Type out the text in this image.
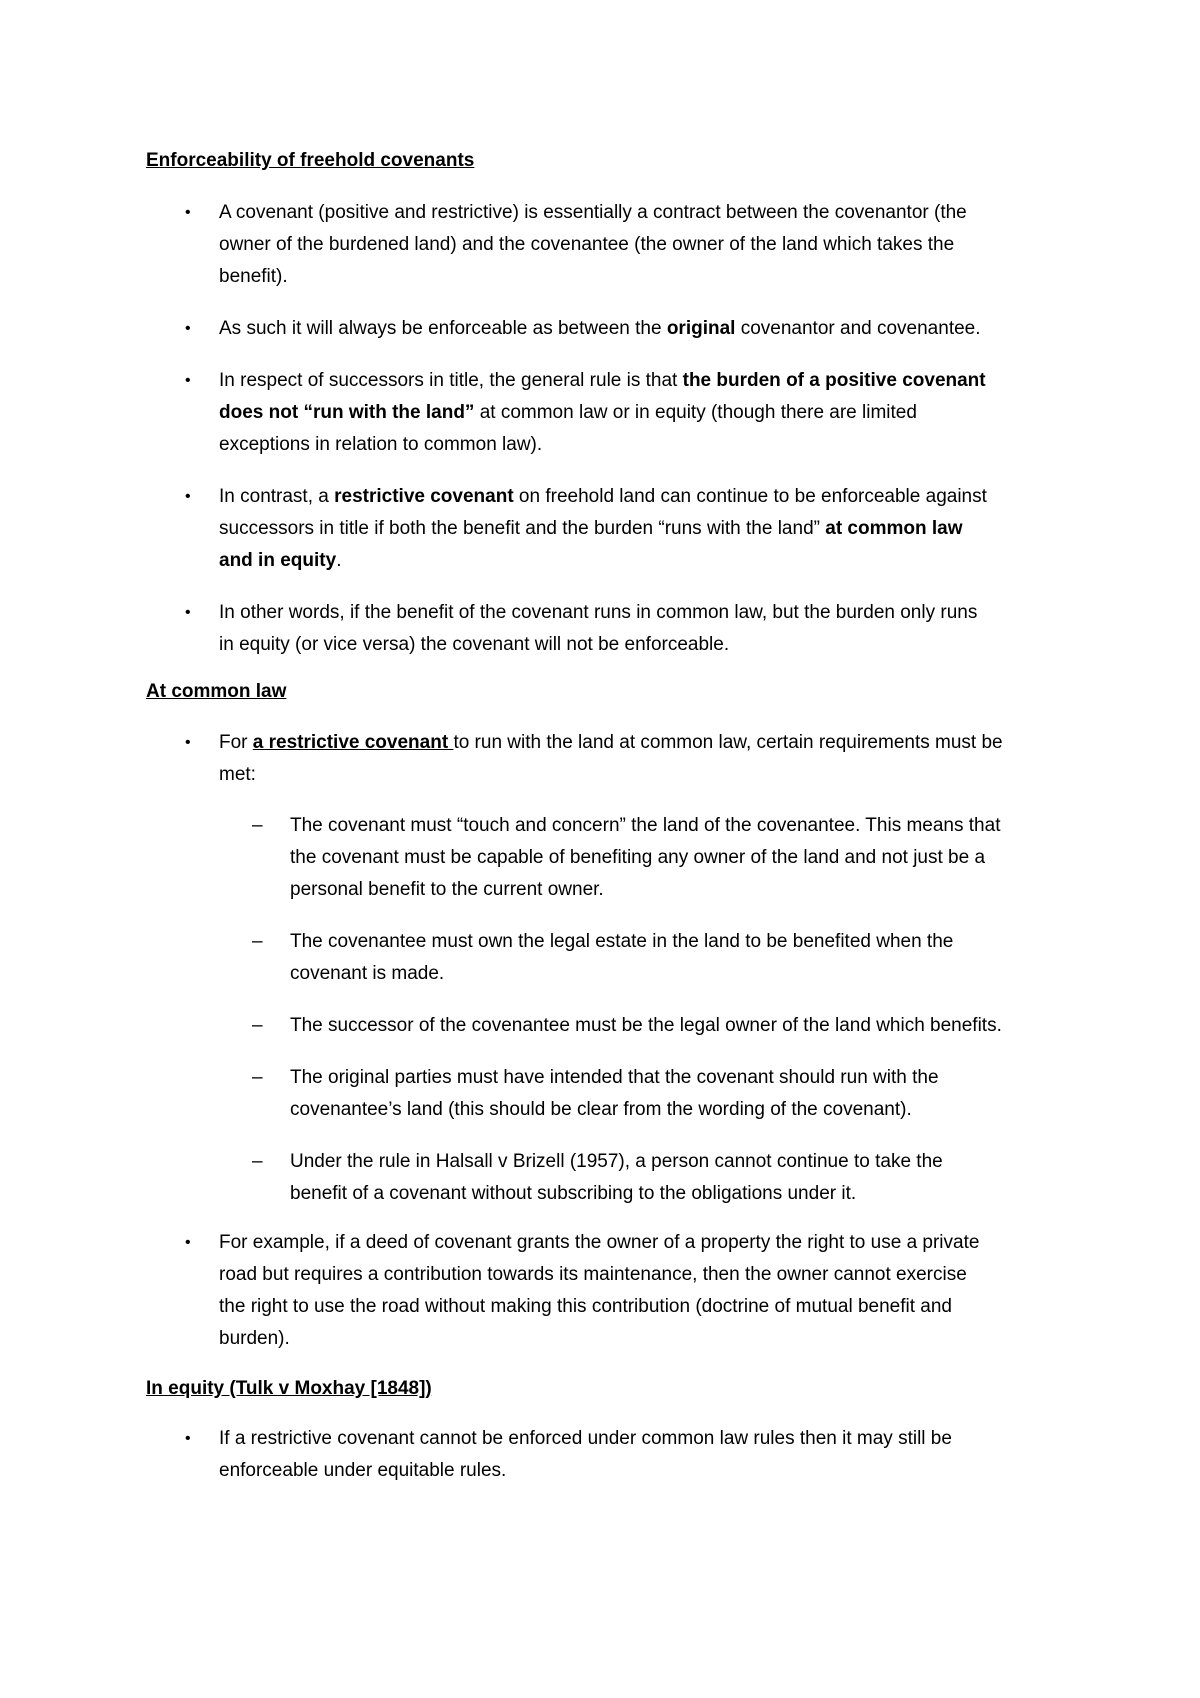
Enforceability of freehold covenants
• A covenant (positive and restrictive) is essentially a contract between the covenantor (the
owner of the burdened land) and the covenantee (the owner of the land which takes the
benefit).
• As such it will always be enforceable as between the original covenantor and covenantee.
• In respect of successors in title, the general rule is that the burden of a positive covenant
does not “run with the land” at common law or in equity (though there are limited
exceptions in relation to common law).
• In contrast, a restrictive covenant on freehold land can continue to be enforceable against
successors in title if both the benefit and the burden “runs with the land” at common law
and in equity.
• In other words, if the benefit of the covenant runs in common law, but the burden only runs
in equity (or vice versa) the covenant will not be enforceable.
At common law
• For a restrictive covenant to run with the land at common law, certain requirements must be
met:
– The covenant must “touch and concern” the land of the covenantee. This means that
the covenant must be capable of benefiting any owner of the land and not just be a
personal benefit to the current owner.
– The covenantee must own the legal estate in the land to be benefited when the
covenant is made.
– The successor of the covenantee must be the legal owner of the land which benefits.
– The original parties must have intended that the covenant should run with the
covenantee’s land (this should be clear from the wording of the covenant).
– Under the rule in Halsall v Brizell (1957), a person cannot continue to take the
benefit of a covenant without subscribing to the obligations under it.
• For example, if a deed of covenant grants the owner of a property the right to use a private
road but requires a contribution towards its maintenance, then the owner cannot exercise
the right to use the road without making this contribution (doctrine of mutual benefit and
burden).
In equity (Tulk v Moxhay [1848])
• If a restrictive covenant cannot be enforced under common law rules then it may still be
enforceable under equitable rules.
